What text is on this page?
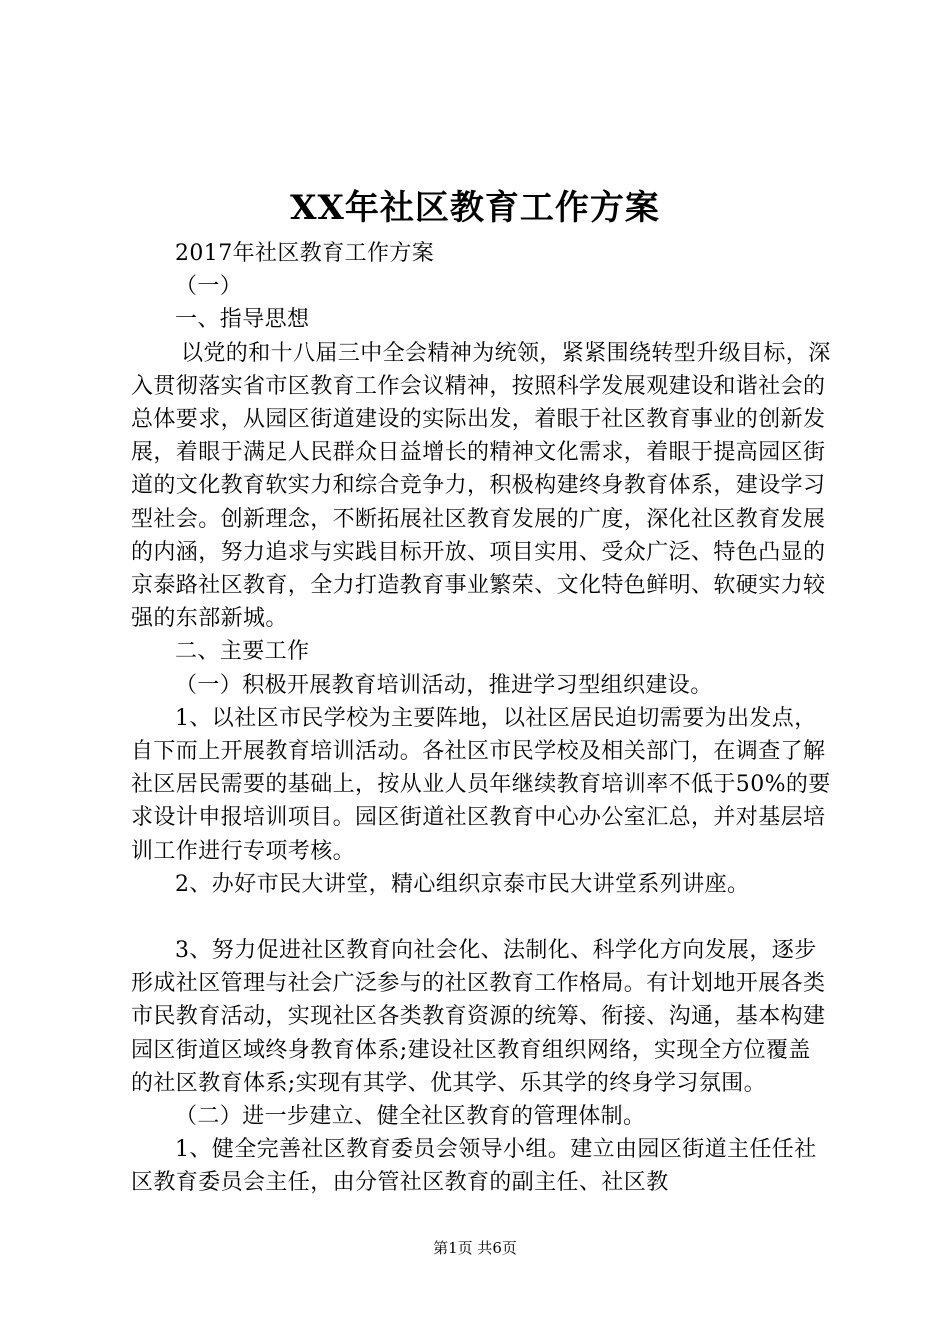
XX年社区教育工作方案

2017年社区教育工作方案

（一）

一、指导思想

以党的和十八届三中全会精神为统领，紧紧围绕转型升级目标，深入贯彻落实省市区教育工作会议精神，按照科学发展观建设和谐社会的总体要求，从园区街道建设的实际出发，着眼于社区教育事业的创新发展，着眼于满足人民群众日益增长的精神文化需求，着眼于提高园区街道的文化教育软实力和综合竞争力，积极构建终身教育体系，建设学习型社会。创新理念，不断拓展社区教育发展的广度，深化社区教育发展的内涵，努力追求与实践目标开放、项目实用、受众广泛、特色凸显的京泰路社区教育，全力打造教育事业繁荣、文化特色鲜明、软硬实力较强的东部新城。

二、主要工作

（一）积极开展教育培训活动，推进学习型组织建设。

1、以社区市民学校为主要阵地，以社区居民迫切需要为出发点，自下而上开展教育培训活动。各社区市民学校及相关部门，在调查了解社区居民需要的基础上，按从业人员年继续教育培训率不低于50%的要求设计申报培训项目。园区街道社区教育中心办公室汇总，并对基层培训工作进行专项考核。

2、办好市民大讲堂，精心组织京泰市民大讲堂系列讲座。

3、努力促进社区教育向社会化、法制化、科学化方向发展，逐步形成社区管理与社会广泛参与的社区教育工作格局。有计划地开展各类市民教育活动，实现社区各类教育资源的统筹、衔接、沟通，基本构建园区街道区域终身教育体系;建设社区教育组织网络，实现全方位覆盖的社区教育体系;实现有其学、优其学、乐其学的终身学习氛围。

（二）进一步建立、健全社区教育的管理体制。

1、健全完善社区教育委员会领导小组。建立由园区街道主任任社区教育委员会主任，由分管社区教育的副主任、社区教

第1页 共6页
